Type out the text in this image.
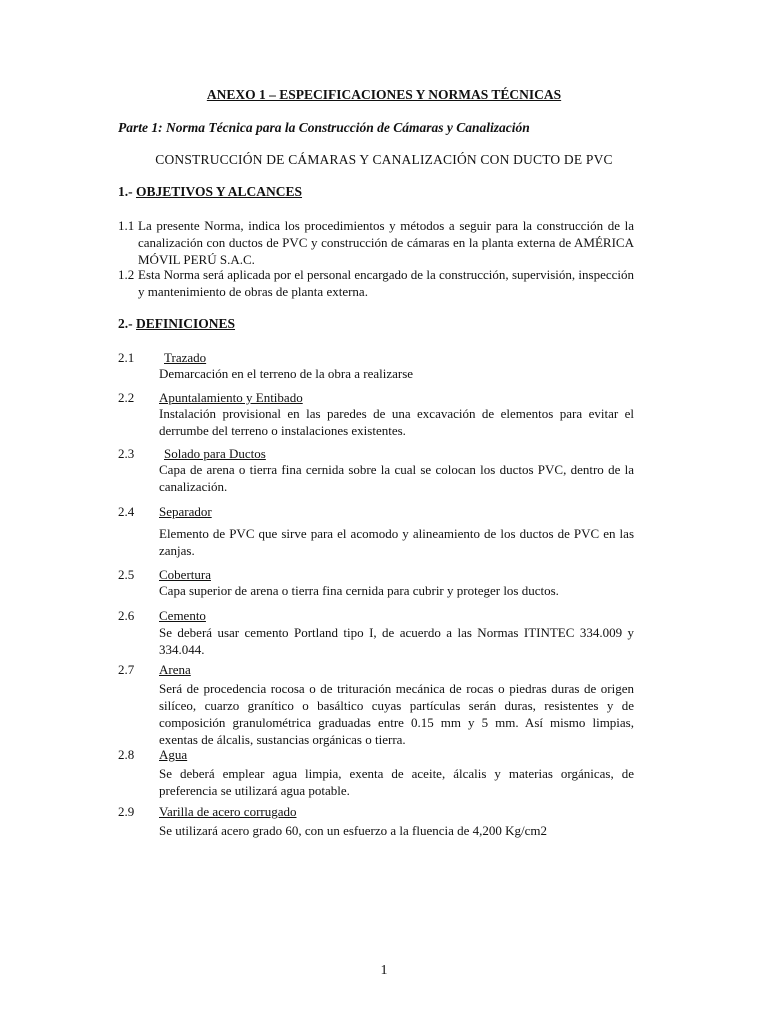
ANEXO 1 – ESPECIFICACIONES Y NORMAS TÉCNICAS
Parte 1: Norma Técnica para la Construcción de Cámaras y Canalización
CONSTRUCCIÓN DE CÁMARAS Y CANALIZACIÓN CON DUCTO DE PVC
1.- OBJETIVOS Y ALCANCES
1.1 La presente Norma, indica los procedimientos y métodos a seguir para la construcción de la canalización con ductos de PVC y construcción de cámaras en la planta externa de AMÉRICA MÓVIL PERÚ S.A.C.
1.2 Esta Norma será aplicada por el personal encargado de la construcción, supervisión, inspección y mantenimiento de obras de planta externa.
2.- DEFINICIONES
2.1 Trazado
Demarcación en el terreno de la obra a realizarse
2.2 Apuntalamiento y Entibado
Instalación provisional en las paredes de una excavación de elementos para evitar el derrumbe del terreno o instalaciones existentes.
2.3 Solado para Ductos
Capa de arena o tierra fina cernida sobre la cual se colocan los ductos PVC, dentro de la canalización.
2.4 Separador
Elemento de PVC que sirve para el acomodo y alineamiento de los ductos de PVC en las zanjas.
2.5 Cobertura
Capa superior de arena o tierra fina cernida para cubrir y proteger los ductos.
2.6 Cemento
Se deberá usar cemento Portland tipo I, de acuerdo a las Normas ITINTEC 334.009 y 334.044.
2.7 Arena
Será de procedencia rocosa o de trituración mecánica de rocas o piedras duras de origen silíceo, cuarzo granítico o basáltico cuyas partículas serán duras, resistentes y de composición granulométrica graduadas entre 0.15 mm y 5 mm. Así mismo limpias, exentas de álcalis, sustancias orgánicas o tierra.
2.8 Agua
Se deberá emplear agua limpia, exenta de aceite, álcalis y materias orgánicas, de preferencia se utilizará agua potable.
2.9 Varilla de acero corrugado
Se utilizará acero grado 60, con un esfuerzo a la fluencia de 4,200 Kg/cm2
1
